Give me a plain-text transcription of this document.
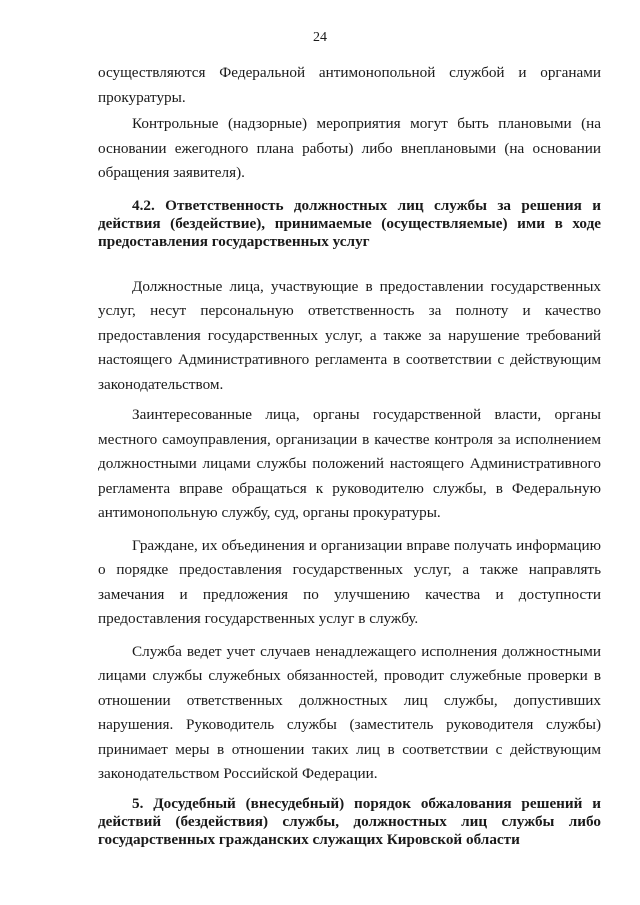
24

осуществляются Федеральной антимонопольной службой и органами прокуратуры.

Контрольные (надзорные) мероприятия могут быть плановыми (на основании ежегодного плана работы) либо внеплановыми (на основании обращения заявителя).

4.2. Ответственность должностных лиц службы за решения и действия (бездействие), принимаемые (осуществляемые) ими в ходе предоставления государственных услуг

Должностные лица, участвующие в предоставлении государственных услуг, несут персональную ответственность за полноту и качество предоставления государственных услуг, а также за нарушение требований настоящего Административного регламента в соответствии с действующим законодательством.

Заинтересованные лица, органы государственной власти, органы местного самоуправления, организации в качестве контроля за исполнением должностными лицами службы положений настоящего Административного регламента вправе обращаться к руководителю службы, в Федеральную антимонопольную службу, суд, органы прокуратуры.

Граждане, их объединения и организации вправе получать информацию о порядке предоставления государственных услуг, а также направлять замечания и предложения по улучшению качества и доступности предоставления государственных услуг в службу.

Служба ведет учет случаев ненадлежащего исполнения должностными лицами службы служебных обязанностей, проводит служебные проверки в отношении ответственных должностных лиц службы, допустивших нарушения. Руководитель службы (заместитель руководителя службы) принимает меры в отношении таких лиц в соответствии с действующим законодательством Российской Федерации.

5. Досудебный (внесудебный) порядок обжалования решений и действий (бездействия) службы, должностных лиц службы либо государственных гражданских служащих Кировской области
